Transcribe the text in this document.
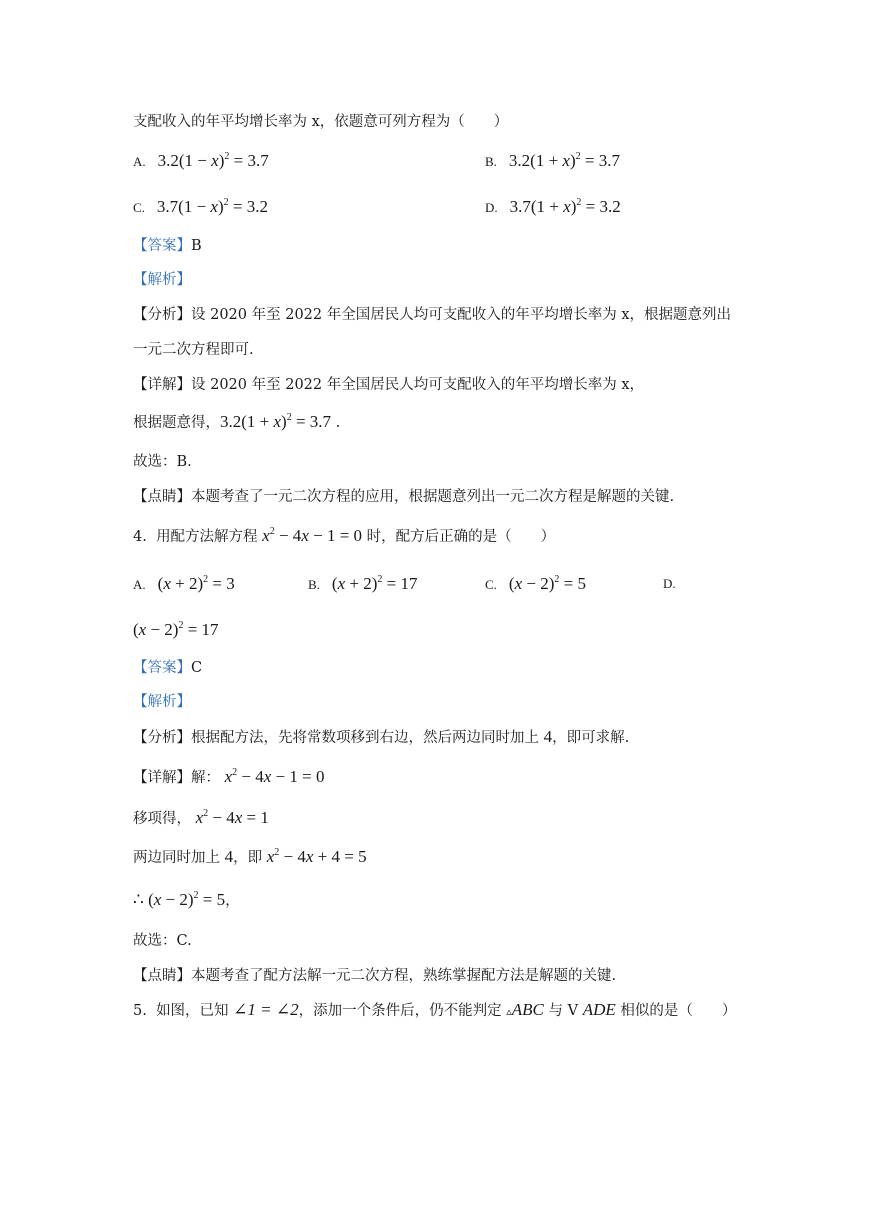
支配收入的年平均增长率为 x，依题意可列方程为（　　）
A. $3.2(1 - x)^2 = 3.7$	B. $3.2(1 + x)^2 = 3.7$
C. $3.7(1 - x)^2 = 3.2$	D. $3.7(1 + x)^2 = 3.2$
【答案】B
【解析】
【分析】设 2020 年至 2022 年全国居民人均可支配收入的年平均增长率为 x，根据题意列出
一元二次方程即可.
【详解】设 2020 年至 2022 年全国居民人均可支配收入的年平均增长率为 x，
根据题意得，$3.2(1 + x)^2 = 3.7$ .
故选：B.
【点睛】本题考查了一元二次方程的应用，根据题意列出一元二次方程是解题的关键.
4. 用配方法解方程 $x^2 - 4x - 1 = 0$ 时，配方后正确的是（　　）
A. $(x + 2)^2 = 3$	B. $(x + 2)^2 = 17$	C. $(x - 2)^2 = 5$	D.
$(x - 2)^2 = 17$
【答案】C
【解析】
【分析】根据配方法，先将常数项移到右边，然后两边同时加上 4，即可求解.
【详解】解： $x^2 - 4x - 1 = 0$
移项得， $x^2 - 4x = 1$
两边同时加上 4，即 $x^2 - 4x + 4 = 5$
∴ $(x - 2)^2 = 5$，
故选：C.
【点睛】本题考查了配方法解一元二次方程，熟练掌握配方法是解题的关键.
5. 如图，已知 ∠1 = ∠2，添加一个条件后，仍不能判定 ▵ABC 与 V ADE 相似的是（　　）
